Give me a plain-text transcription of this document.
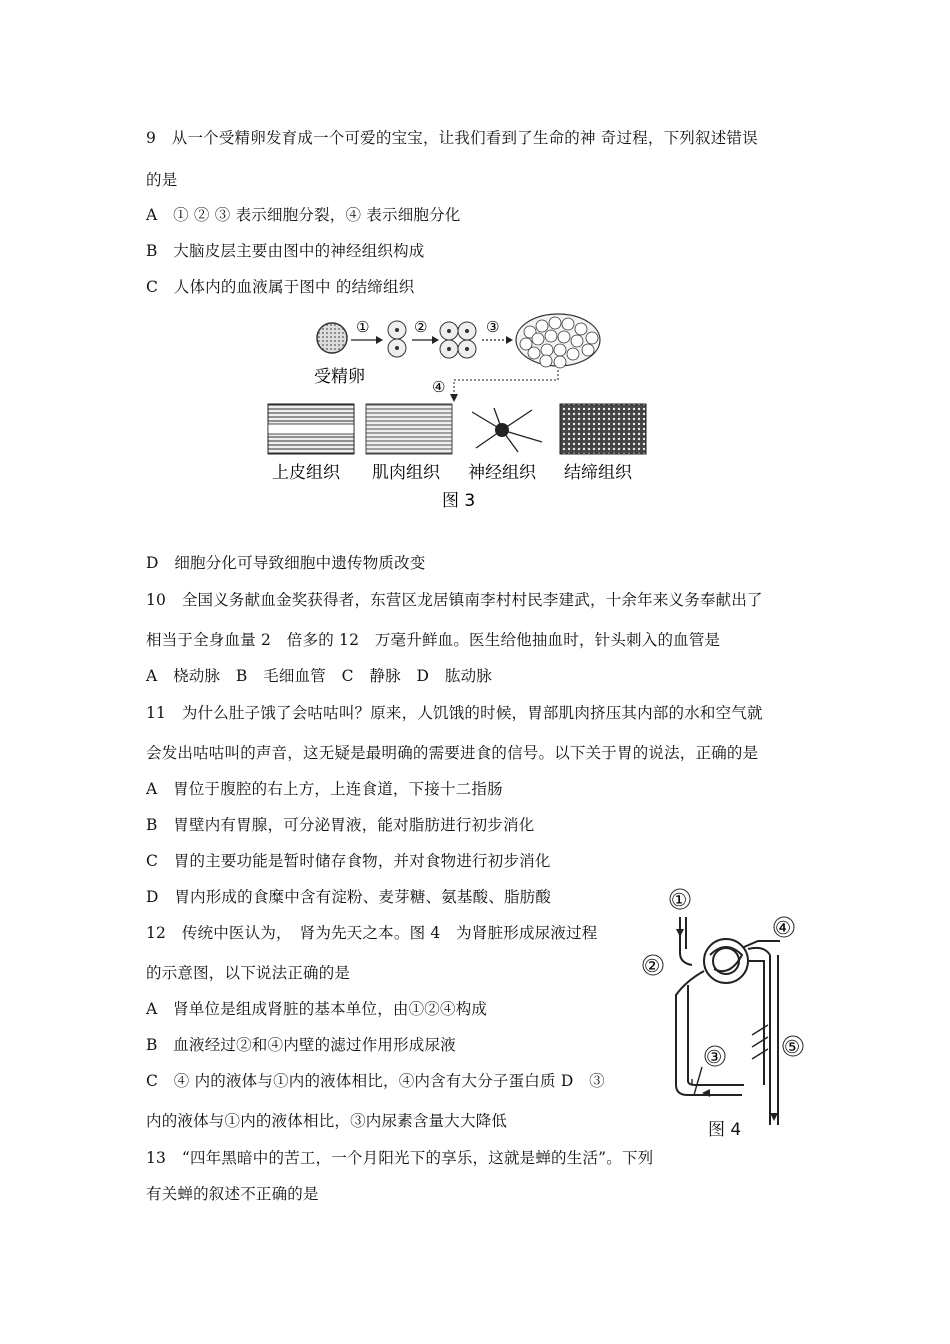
9　从一个受精卵发育成一个可爱的宝宝，让我们看到了生命的神 奇过程，下列叙述错误
的是
A　① ② ③ 表示细胞分裂，④ 表示细胞分化
B　大脑皮层主要由图中的神经组织构成
C　人体内的血液属于图中 的结缔组织
①	②	③
受精卵	④
上皮组织 肌肉组织 神经组织 结缔组织
图 3
D　细胞分化可导致细胞中遗传物质改变
10　全国义务献血金奖获得者，东营区龙居镇南李村村民李建武，十余年来义务奉献出了
相当于全身血量 2　倍多的 12　万毫升鲜血。医生给他抽血时，针头刺入的血管是
A　桡动脉　B　毛细血管　C　静脉　D　肱动脉
11　为什么肚子饿了会咕咕叫？原来，人饥饿的时候，胃部肌肉挤压其内部的水和空气就
会发出咕咕叫的声音，这无疑是最明确的需要进食的信号。以下关于胃的说法，正确的是
A　胃位于腹腔的右上方，上连食道，下接十二指肠
B　胃壁内有胃腺，可分泌胃液，能对脂肪进行初步消化
C　胃的主要功能是暂时储存食物，并对食物进行初步消化
D　胃内形成的食糜中含有淀粉、麦芽糖、氨基酸、脂肪酸
12　传统中医认为，　肾为先天之本。图 4　为肾脏形成尿液过程
的示意图，以下说法正确的是
A　肾单位是组成肾脏的基本单位，由①②④构成
B　血液经过②和④内壁的滤过作用形成尿液
C　④ 内的液体与①内的液体相比，④内含有大分子蛋白质 D　③
内的液体与①内的液体相比，③内尿素含量大大降低
13　“四年黑暗中的苦工，一个月阳光下的享乐，这就是蝉的生活”。下列
有关蝉的叙述不正确的是
①
②
③
④
⑤
图 4
